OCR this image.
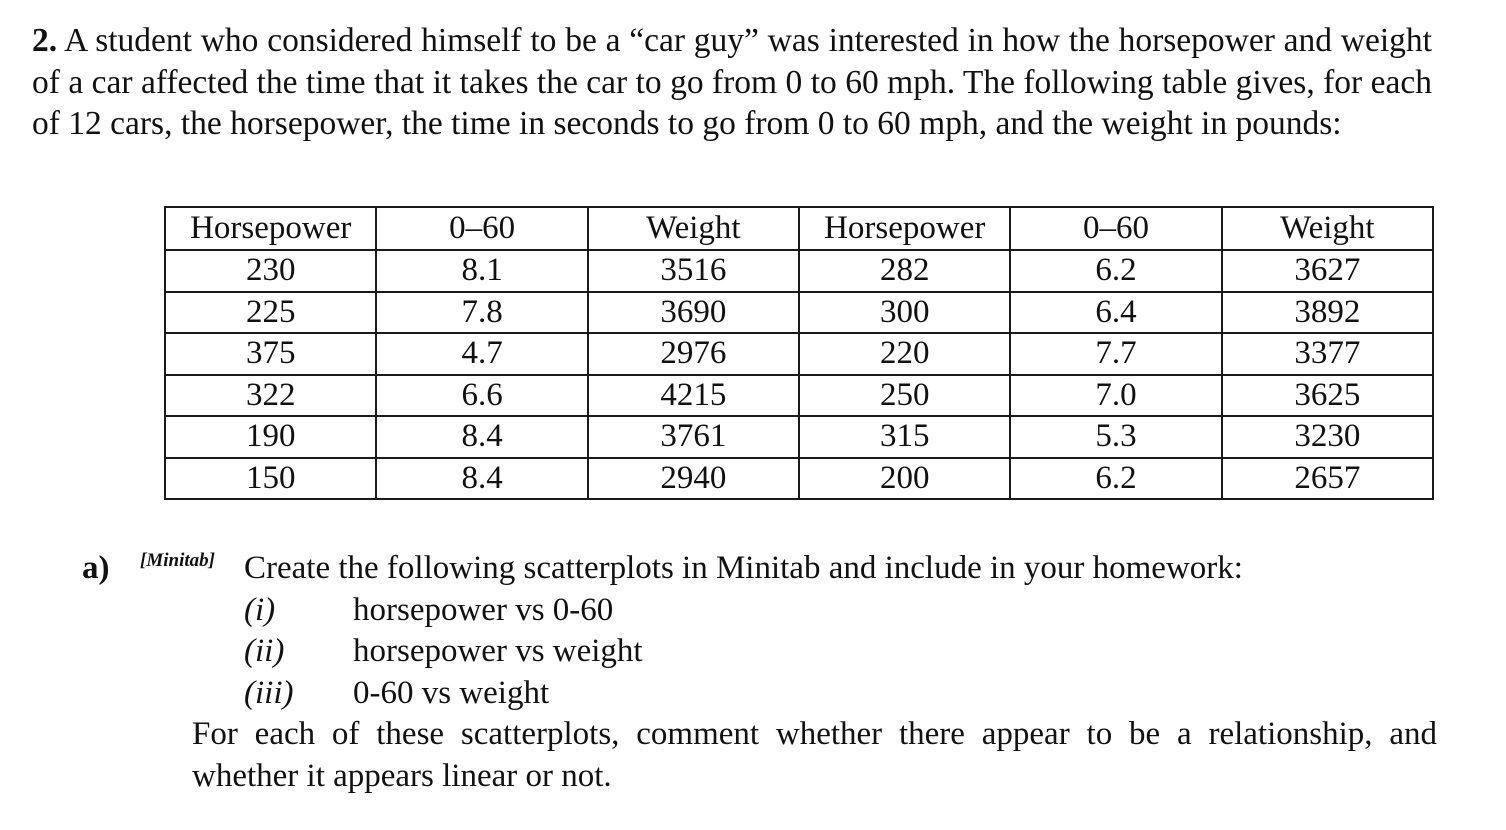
2. A student who considered himself to be a “car guy” was interested in how the horsepower and weight of a car affected the time that it takes the car to go from 0 to 60 mph. The following table gives, for each of 12 cars, the horsepower, the time in seconds to go from 0 to 60 mph, and the weight in pounds:
Horsepower	0–60	Weight	Horsepower	0–60	Weight
230	8.1	3516	282	6.2	3627
225	7.8	3690	300	6.4	3892
375	4.7	2976	220	7.7	3377
322	6.6	4215	250	7.0	3625
190	8.4	3761	315	5.3	3230
150	8.4	2940	200	6.2	2657
a) [Minitab] Create the following scatterplots in Minitab and include in your homework:
(i) horsepower vs 0-60
(ii) horsepower vs weight
(iii) 0-60 vs weight
For each of these scatterplots, comment whether there appear to be a relationship, and whether it appears linear or not.
